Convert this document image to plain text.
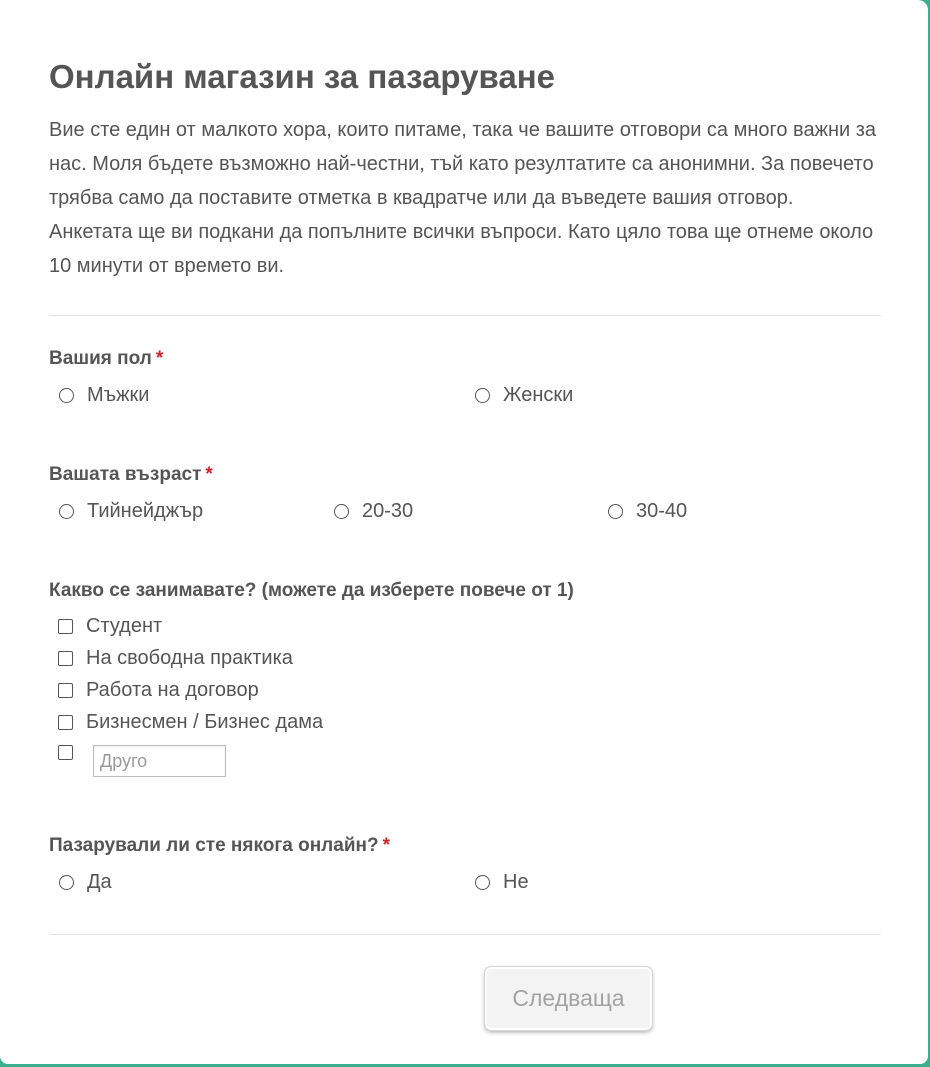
Онлайн магазин за пазаруване

Вие сте един от малкото хора, които питаме, така че вашите отговори са много важни за нас. Моля бъдете възможно най-честни, тъй като резултатите са анонимни. За повечето трябва само да поставите отметка в квадратче или да въведете вашия отговор. Анкетата ще ви подкани да попълните всички въпроси. Като цяло това ще отнеме около 10 минути от времето ви.

Вашия пол *
Мъжки	Женски
Вашата възраст *
Тийнейджър	20-30	30-40
Какво се занимавате? (можете да изберете повече от 1)
Студент
На свободна практика
Работа на договор
Бизнесмен / Бизнес дама
Друго
Пазарували ли сте някога онлайн? *
Да	Не
Следваща
